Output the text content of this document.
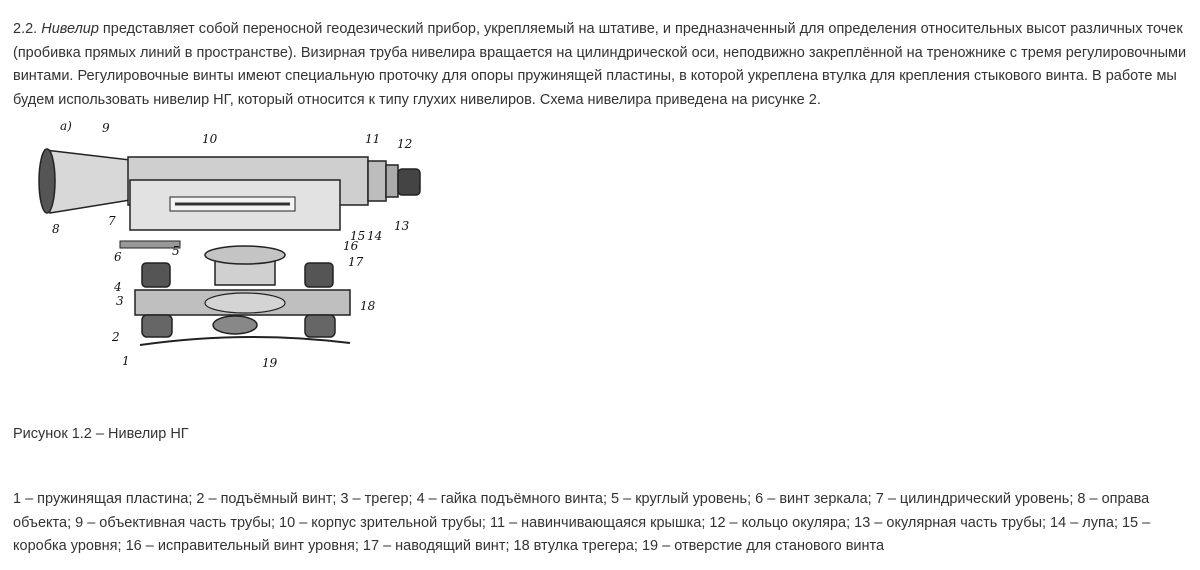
2.2. Нивелир представляет собой переносной геодезический прибор, укрепляемый на штативе, и предназначенный для определения относительных высот различных точек (пробивка прямых линий в пространстве). Визирная труба нивелира вращается на цилиндрической оси, неподвижно закреплённой на треножнике с тремя регулировочными винтами. Регулировочные винты имеют специальную проточку для опоры пружинящей пластины, в которой укреплена втулка для крепления стыкового винта. В работе мы будем использовать нивелир НГ, который относится к типу глухих нивелиров. Схема нивелира приведена на рисунке 2.

а)
1
2
3
4
5
6
7
8
9
10	11 12
13
14
15
16
17
18
19

Рисунок 1.2 – Нивелир НГ

1 – пружинящая пластина; 2 – подъёмный винт; 3 – трегер; 4 – гайка подъёмного винта; 5 – круглый уровень; 6 – винт зеркала; 7 – цилиндрический уровень; 8 – оправа объекта; 9 – объективная часть трубы; 10 – корпус зрительной трубы; 11 – навинчивающаяся крышка; 12 – кольцо окуляра; 13 – окулярная часть трубы; 14 – лупа; 15 – коробка уровня; 16 – исправительный винт уровня; 17 – наводящий винт; 18 втулка трегера; 19 – отверстие для станового винта
